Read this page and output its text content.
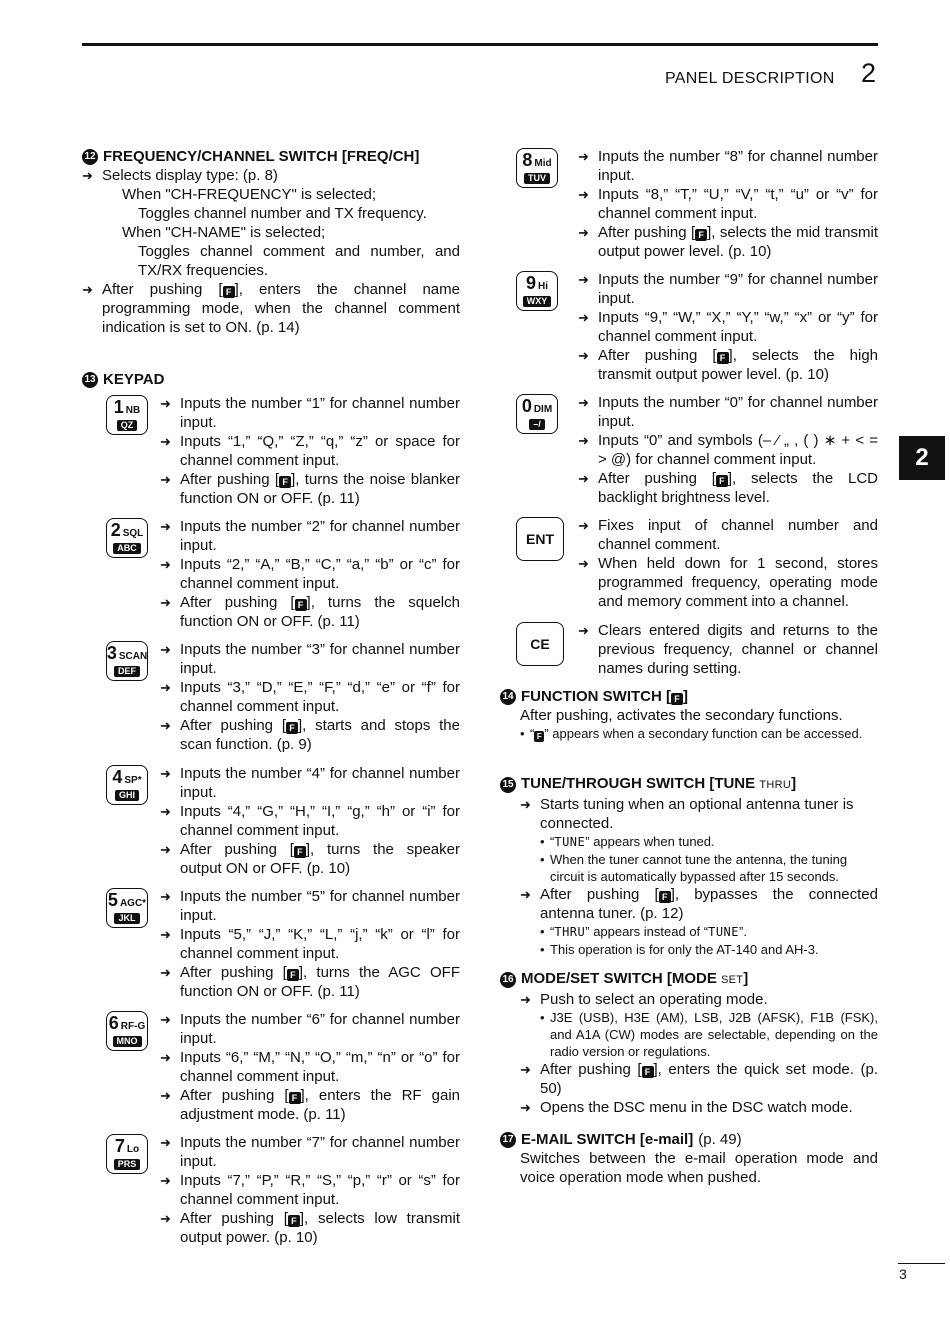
PANEL DESCRIPTION 2
2
3
12 FREQUENCY/CHANNEL SWITCH [FREQ/CH]
➜ Selects display type: (p. 8)
When "CH-FREQUENCY" is selected;
Toggles channel number and TX frequency.
When "CH-NAME" is selected;
Toggles channel comment and number, and TX/RX frequencies.
➜ After pushing [ F ], enters the channel name programming mode, when the channel comment indication is set to ON. (p. 14)
13 KEYPAD
1 NB
QZ
➜ Inputs the number “1” for channel number input.
➜ Inputs “1,” “Q,” “Z,” “q,” “z” or space for channel comment input.
➜ After pushing [ F ], turns the noise blanker function ON or OFF. (p. 11)
2 SQL
ABC
➜ Inputs the number “2” for channel number input.
➜ Inputs “2,” “A,” “B,” “C,” “a,” “b” or “c” for channel comment input.
➜ After pushing [ F ], turns the squelch function ON or OFF. (p. 11)
3 SCAN
DEF
➜ Inputs the number “3” for channel number input.
➜ Inputs “3,” “D,” “E,” “F,” “d,” “e” or “f” for channel comment input.
➜ After pushing [ F ], starts and stops the scan function. (p. 9)
4 SP*
GHI
➜ Inputs the number “4” for channel number input.
➜ Inputs “4,” “G,” “H,” “I,” “g,” “h” or “i” for channel comment input.
➜ After pushing [ F ], turns the speaker output ON or OFF. (p. 10)
5 AGC*
JKL
➜ Inputs the number “5” for channel number input.
➜ Inputs “5,” “J,” “K,” “L,” “j,” “k” or “l” for channel comment input.
➜ After pushing [ F ], turns the AGC OFF function ON or OFF. (p. 11)
6 RF-G
MNO
➜ Inputs the number “6” for channel number input.
➜ Inputs “6,” “M,” “N,” “O,” “m,” “n” or “o” for channel comment input.
➜ After pushing [ F ], enters the RF gain adjustment mode. (p. 11)
7 Lo
PRS
➜ Inputs the number “7” for channel number input.
➜ Inputs “7,” “P,” “R,” “S,” “p,” “r” or “s” for channel comment input.
➜ After pushing [ F ], selects low transmit output power. (p. 10)
8 Mid
TUV
➜ Inputs the number “8” for channel number input.
➜ Inputs “8,” “T,” “U,” “V,” “t,” “u” or “v” for channel comment input.
➜ After pushing [ F ], selects the mid transmit output power level. (p. 10)
9 Hi
WXY
➜ Inputs the number “9” for channel number input.
➜ Inputs “9,” “W,” “X,” “Y,” “w,” “x” or “y” for channel comment input.
➜ After pushing [ F ], selects the high transmit output power level. (p. 10)
0 DIM
–/
➜ Inputs the number “0” for channel number input.
➜ Inputs “0” and symbols (– ⁄ „ , ( ) ∗ + < = > @) for channel comment input.
➜ After pushing [ F ], selects the LCD backlight brightness level.
ENT
➜ Fixes input of channel number and channel comment.
➜ When held down for 1 second, stores programmed frequency, operating mode and memory comment into a channel.
CE
➜ Clears entered digits and returns to the previous frequency, channel or channel names during setting.
14 FUNCTION SWITCH [ F ]
After pushing, activates the secondary functions.
• “ F ” appears when a secondary function can be accessed.
15 TUNE/THROUGH SWITCH [TUNE THRU]
➜ Starts tuning when an optional antenna tuner is connected.
• “TUNE” appears when tuned.
• When the tuner cannot tune the antenna, the tuning circuit is automatically bypassed after 15 seconds.
➜ After pushing [ F ], bypasses the connected antenna tuner. (p. 12)
• “THRU” appears instead of “TUNE”.
• This operation is for only the AT-140 and AH-3.
16 MODE/SET SWITCH [MODE SET]
➜ Push to select an operating mode.
• J3E (USB), H3E (AM), LSB, J2B (AFSK), F1B (FSK), and A1A (CW) modes are selectable, depending on the radio version or regulations.
➜ After pushing [ F ], enters the quick set mode. (p. 50)
➜ Opens the DSC menu in the DSC watch mode.
17 E-MAIL SWITCH [e-mail] (p. 49)
Switches between the e-mail operation mode and voice operation mode when pushed.
